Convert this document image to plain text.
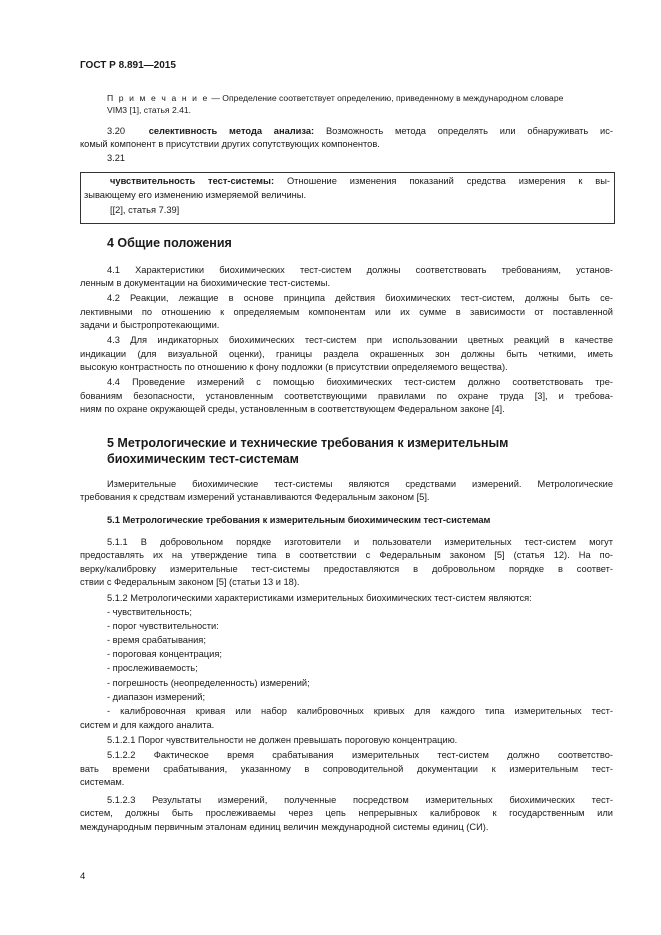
ГОСТ Р 8.891—2015
П р и м е ч а н и е — Определение соответствует определению, приведенному в международном словаре
VIM3 [1], статья 2.41.
3.20	селективность метода анализа: Возможность метода определять или обнаруживать ис-
комый компонент в присутствии других сопутствующих компонентов.
3.21
чувствительность тест-системы: Отношение изменения показаний средства измерения к вы-
зывающему его изменению измеряемой величины.
[[2], статья 7.39]
4 Общие положения
4.1 Характеристики биохимических тест-систем должны соответствовать требованиям, установ-
ленным в документации на биохимические тест-системы.
4.2 Реакции, лежащие в основе принципа действия биохимических тест-систем, должны быть се-
лективными по отношению к определяемым компонентам или их сумме в зависимости от поставленной
задачи и быстропротекающими.
4.3 Для индикаторных биохимических тест-систем при использовании цветных реакций в качестве
индикации (для визуальной оценки), границы раздела окрашенных зон должны быть четкими, иметь
высокую контрастность по отношению к фону подложки (в присутствии определяемого вещества).
4.4 Проведение измерений с помощью биохимических тест-систем должно соответствовать тре-
бованиям безопасности, установленным соответствующими правилами по охране труда [3], и требова-
ниям по охране окружающей среды, установленным в соответствующем Федеральном законе [4].
5 Метрологические и технические требования к измерительным
биохимическим тест-системам
Измерительные биохимические тест-системы являются средствами измерений. Метрологические
требования к средствам измерений устанавливаются Федеральным законом [5].
5.1 Метрологические требования к измерительным биохимическим тест-системам
5.1.1 В добровольном порядке изготовители и пользователи измерительных тест-систем могут
предоставлять их на утверждение типа в соответствии с Федеральным законом [5] (статья 12). На по-
верку/калибровку измерительные тест-системы предоставляются в добровольном порядке в соответ-
ствии с Федеральным законом [5] (статьи 13 и 18).
5.1.2 Метрологическими характеристиками измерительных биохимических тест-систем являются:
- чувствительность;
- порог чувствительности:
- время срабатывания;
- пороговая концентрация;
- прослеживаемость;
- погрешность (неопределенность) измерений;
- диапазон измерений;
- калибровочная кривая или набор калибровочных кривых для каждого типа измерительных тест-
систем и для каждого аналита.
5.1.2.1 Порог чувствительности не должен превышать пороговую концентрацию.
5.1.2.2 Фактическое время срабатывания измерительных тест-систем должно соответство-
вать времени срабатывания, указанному в сопроводительной документации к измерительным тест-
системам.
5.1.2.3 Результаты измерений, полученные посредством измерительных биохимических тест-
систем, должны быть прослеживаемы через цепь непрерывных калибровок к государственным или
международным первичным эталонам единиц величин международной системы единиц (СИ).
4
